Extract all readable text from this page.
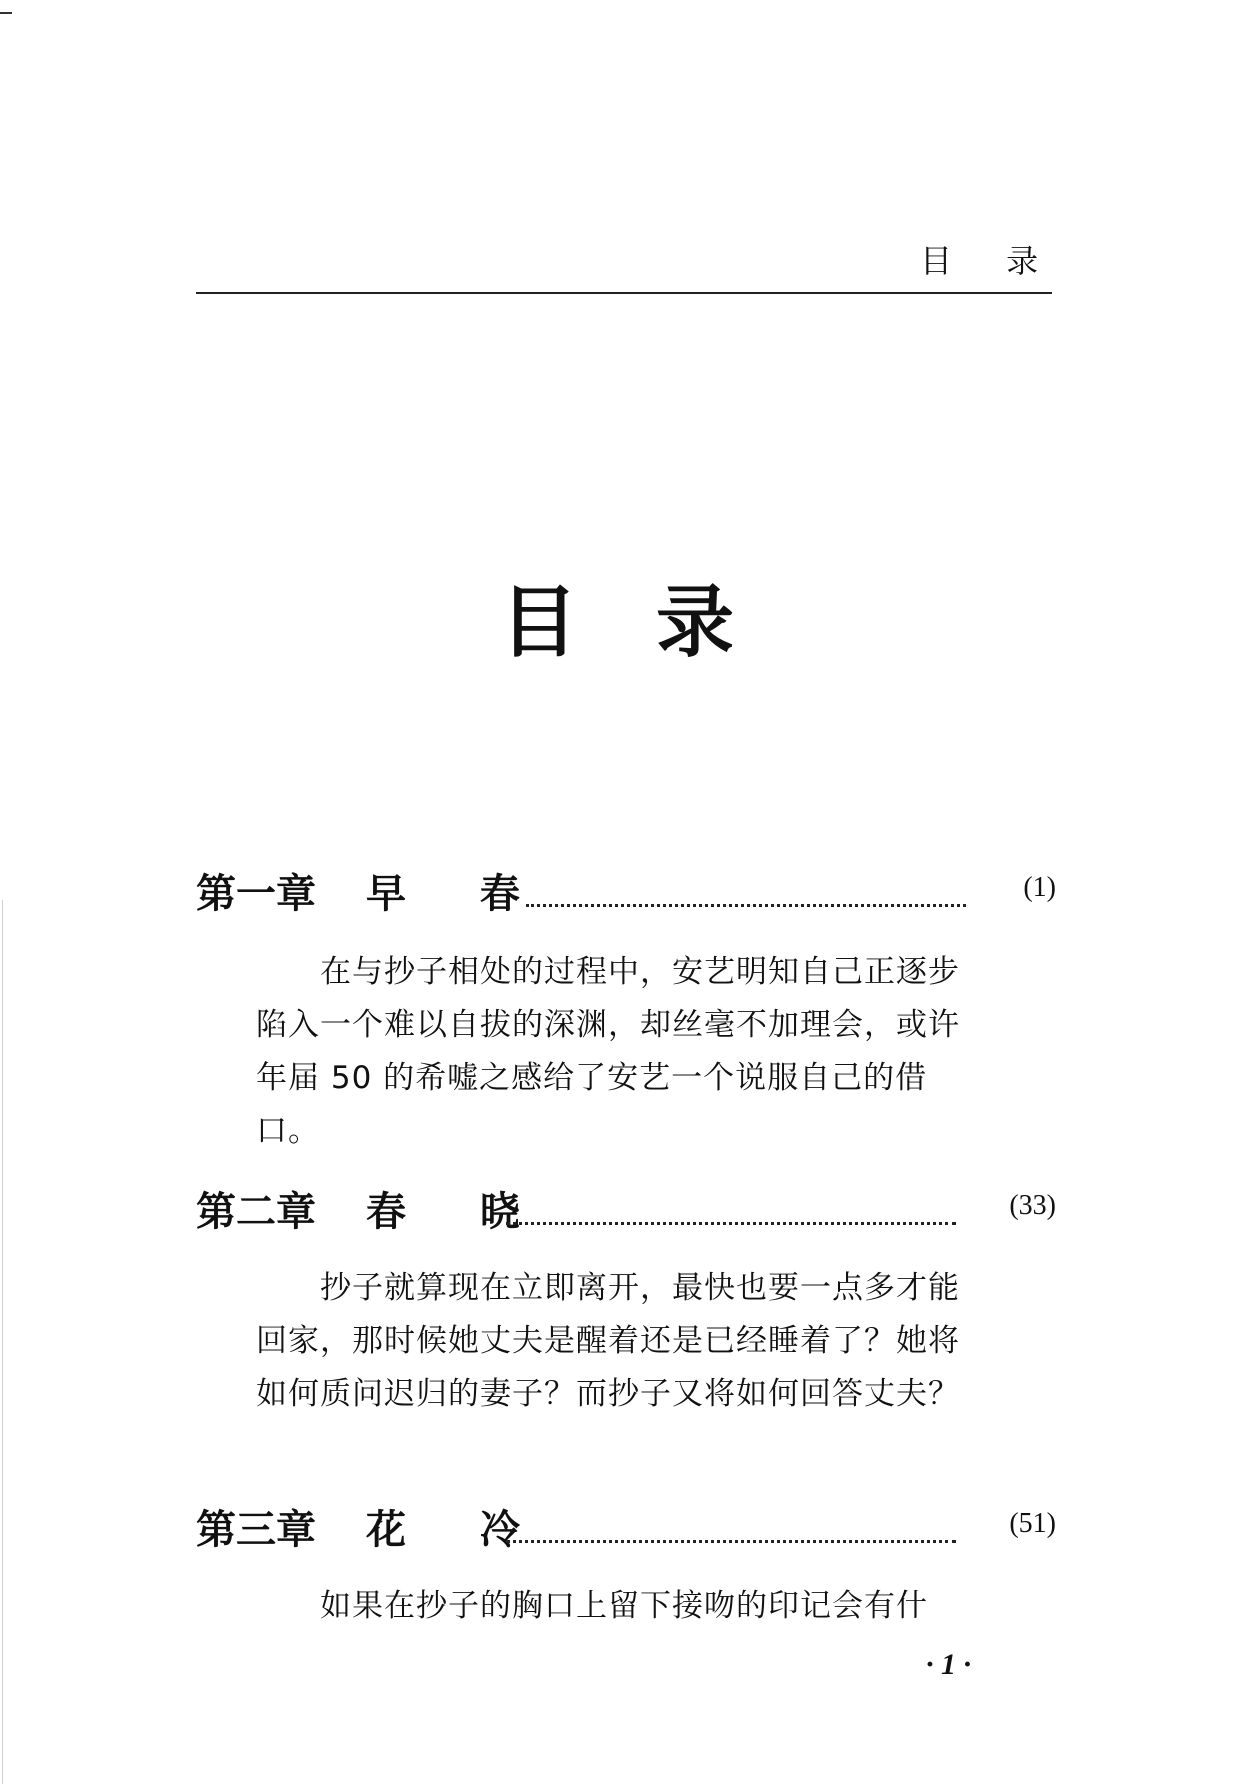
目 录
目录
第一章 早 春	(1)
在与抄子相处的过程中，安艺明知自己正逐步陷入一个难以自拔的深渊，却丝毫不加理会，或许年届 50 的希嘘之感给了安艺一个说服自己的借口。
第二章 春 晓	(33)
抄子就算现在立即离开，最快也要一点多才能回家，那时候她丈夫是醒着还是已经睡着了？她将如何质问迟归的妻子？而抄子又将如何回答丈夫？
第三章 花 冷	(51)
如果在抄子的胸口上留下接吻的印记会有什
· 1 ·
